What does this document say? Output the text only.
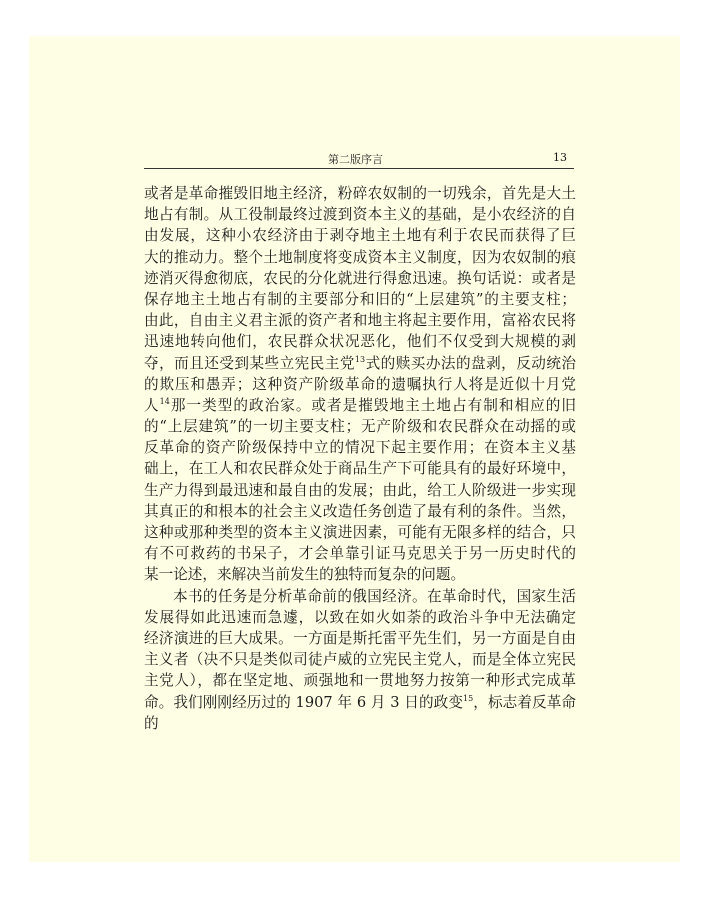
第二版序言	13
或者是革命摧毁旧地主经济，粉碎农奴制的一切残余，首先是大土
地占有制。从工役制最终过渡到资本主义的基础，是小农经济的自
由发展，这种小农经济由于剥夺地主土地有利于农民而获得了巨
大的推动力。整个土地制度将变成资本主义制度，因为农奴制的痕
迹消灭得愈彻底，农民的分化就进行得愈迅速。换句话说：或者是
保存地主土地占有制的主要部分和旧的“上层建筑”的主要支柱；
由此，自由主义君主派的资产者和地主将起主要作用，富裕农民将
迅速地转向他们，农民群众状况恶化，他们不仅受到大规模的剥
夺，而且还受到某些立宪民主党$^{13}$式的赎买办法的盘剥，反动统治
的欺压和愚弄；这种资产阶级革命的遗嘱执行人将是近似十月党
人$^{14}$那一类型的政治家。或者是摧毁地主土地占有制和相应的旧
的“上层建筑”的一切主要支柱；无产阶级和农民群众在动摇的或
反革命的资产阶级保持中立的情况下起主要作用；在资本主义基
础上，在工人和农民群众处于商品生产下可能具有的最好环境中，
生产力得到最迅速和最自由的发展；由此，给工人阶级进一步实现
其真正的和根本的社会主义改造任务创造了最有利的条件。当然，
这种或那种类型的资本主义演进因素，可能有无限多样的结合，只
有不可救药的书呆子，才会单靠引证马克思关于另一历史时代的
某一论述，来解决当前发生的独特而复杂的问题。
本书的任务是分析革命前的俄国经济。在革命时代，国家生活
发展得如此迅速而急遽，以致在如火如荼的政治斗争中无法确定
经济演进的巨大成果。一方面是斯托雷平先生们，另一方面是自由
主义者（决不只是类似司徒卢威的立宪民主党人，而是全体立宪民
主党人），都在坚定地、顽强地和一贯地努力按第一种形式完成革
命。我们刚刚经历过的 1907 年 6 月 3 日的政变$^{15}$，标志着反革命的
